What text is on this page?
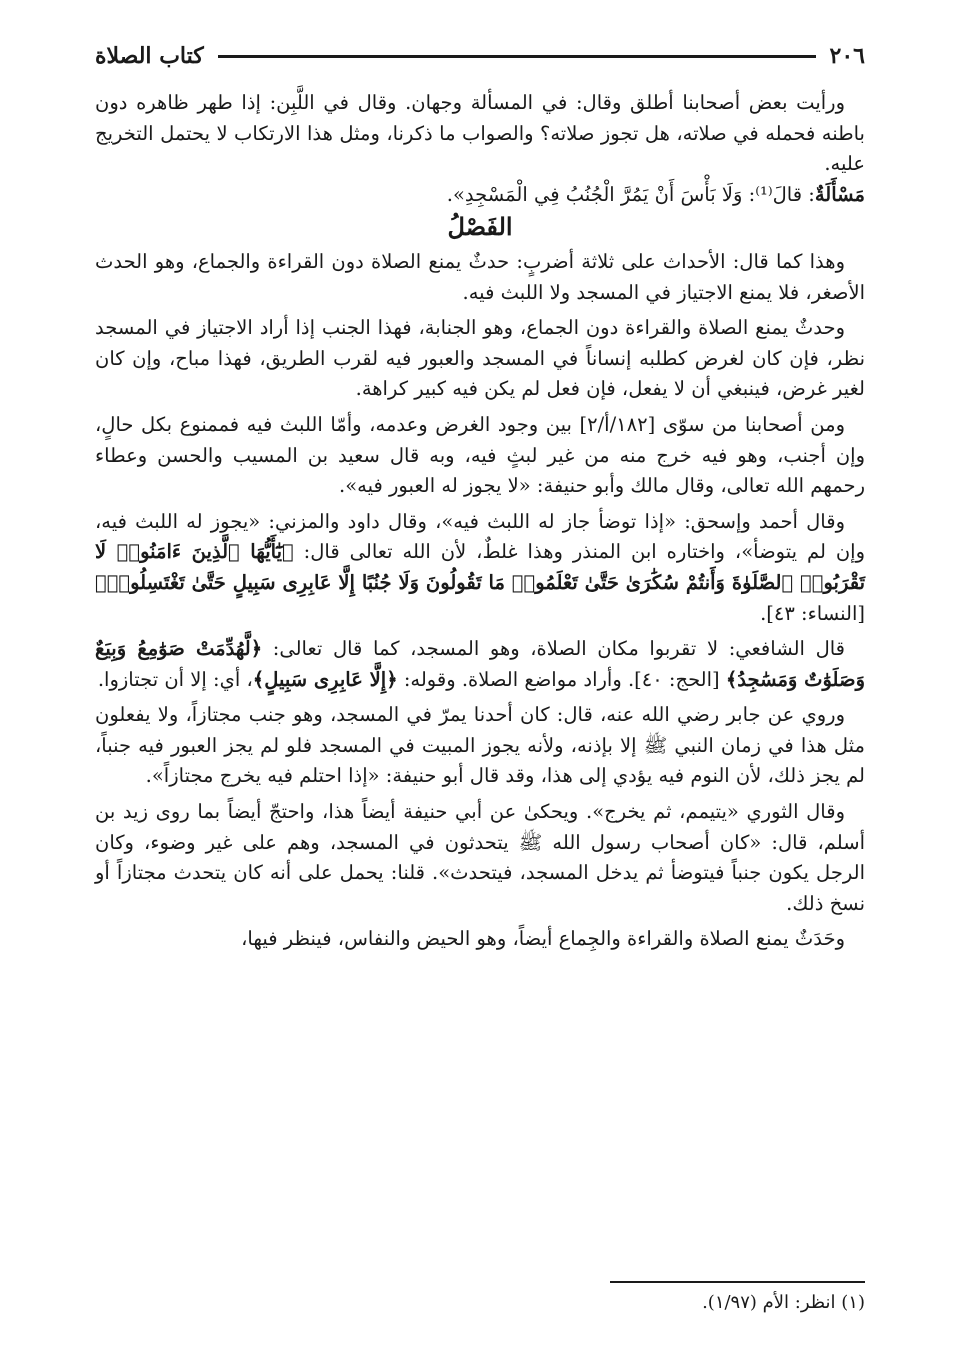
٢٠٦
كتاب الصلاة

ورأيت بعض أصحابنا أطلق وقال: في المسألة وجهان. وقال في اللَّبِن: إذا طهر ظاهره دون باطنه فحمله في صلاته، هل تجوز صلاته؟ والصواب ما ذكرنا، ومثل هذا الارتكاب لا يحتمل التخريج عليه.

مَسْأَلَةٌ: قالَ⁽¹⁾: وَلَا بَأْسَ أَنْ يَمُرَّ الْجُنُبُ فِي الْمَسْجِدِ».

الفَصْلُ

وهذا كما قال: الأحداث على ثلاثة أضربٍ: حدثٌ يمنع الصلاة دون القراءة والجماع، وهو الحدث الأصغر، فلا يمنع الاجتياز في المسجد ولا اللبث فيه.

وحدثٌ يمنع الصلاة والقراءة دون الجماع، وهو الجنابة، فهذا الجنب إذا أراد الاجتياز في المسجد نظر، فإن كان لغرض كطلبه إنساناً في المسجد والعبور فيه لقرب الطريق، فهذا مباح، وإن كان لغير غرض، فينبغي أن لا يفعل، فإن فعل لم يكن فيه كبير كراهة.

ومن أصحابنا من سوّى [١٨٢/أ/٢] بين وجود الغرض وعدمه، وأمّا اللبث فيه فممنوع بكل حالٍ، وإن أجنب، وهو فيه خرج منه من غير لبثٍ فيه، وبه قال سعيد بن المسيب والحسن وعطاء رحمهم الله تعالى، وقال مالك وأبو حنيفة: «لا يجوز له العبور فيه».

وقال أحمد وإسحق: «إذا توضأ جاز له اللبث فيه»، وقال داود والمزني: «يجوز له اللبث فيه، وإن لم يتوضأ»، واختاره ابن المنذر وهذا غلطٌ، لأن الله تعالى قال: ﴿يَٰٓأَيُّهَا ٱلَّذِينَ ءَامَنُوا۟ لَا تَقْرَبُوا۟ ٱلصَّلَوٰةَ وَأَنتُمْ سُكَٰرَىٰ حَتَّىٰ تَعْلَمُوا۟ مَا تَقُولُونَ وَلَا جُنُبًا إِلَّا عَابِرِى سَبِيلٍ حَتَّىٰ تَغْتَسِلُوا۟﴾ [النساء: ٤٣].

قال الشافعي: لا تقربوا مكان الصلاة، وهو المسجد، كما قال تعالى: ﴿لَّهُدِّمَتْ صَوَٰمِعُ وَبِيَعٌ وَصَلَوَٰتٌ وَمَسَٰجِدُ﴾ [الحج: ٤٠]. وأراد مواضع الصلاة. وقوله: ﴿إِلَّا عَابِرِى سَبِيلٍ﴾، أي: إلا أن تجتازوا.

وروي عن جابر رضي الله عنه، قال: كان أحدنا يمرّ في المسجد، وهو جنب مجتازاً، ولا يفعلون مثل هذا في زمان النبي ﷺ إلا بإذنه، ولأنه يجوز المبيت في المسجد فلو لم يجز العبور فيه جنباً، لم يجز ذلك، لأن النوم فيه يؤدي إلى هذا، وقد قال أبو حنيفة: «إذا احتلم فيه يخرج مجتازاً».

وقال الثوري «يتيمم، ثم يخرج». ويحكىٰ عن أبي حنيفة أيضاً هذا، واحتجّ أيضاً بما روى زيد بن أسلم، قال: «كان أصحاب رسول الله ﷺ يتحدثون في المسجد، وهم على غير وضوء، وكان الرجل يكون جنباً فيتوضأ ثم يدخل المسجد، فيتحدث». قلنا: يحمل على أنه كان يتحدث مجتازاً أو نسخ ذلك.

وحَدَثٌ يمنع الصلاة والقراءة والجِماع أيضاً، وهو الحيض والنفاس، فينظر فيها،

(١) انظر: الأم (١/٩٧).
